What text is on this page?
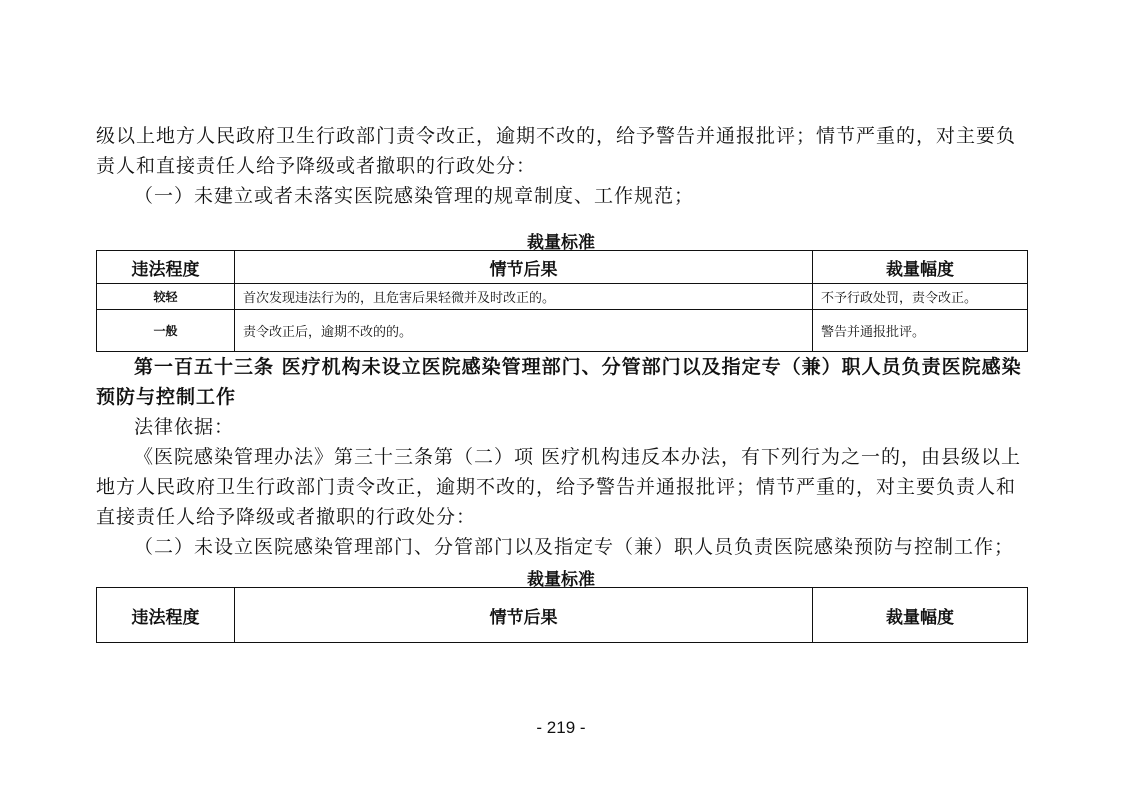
级以上地方人民政府卫生行政部门责令改正，逾期不改的，给予警告并通报批评；情节严重的，对主要负责人和直接责任人给予降级或者撤职的行政处分：

（一）未建立或者未落实医院感染管理的规章制度、工作规范；

裁量标准
违法程度	情节后果	裁量幅度
较轻	首次发现违法行为的，且危害后果轻微并及时改正的。	不予行政处罚，责令改正。
一般	责令改正后，逾期不改的的。	警告并通报批评。

第一百五十三条 医疗机构未设立医院感染管理部门、分管部门以及指定专（兼）职人员负责医院感染预防与控制工作

法律依据：

《医院感染管理办法》第三十三条第（二）项 医疗机构违反本办法，有下列行为之一的，由县级以上地方人民政府卫生行政部门责令改正，逾期不改的，给予警告并通报批评；情节严重的，对主要负责人和直接责任人给予降级或者撤职的行政处分：

（二）未设立医院感染管理部门、分管部门以及指定专（兼）职人员负责医院感染预防与控制工作；

裁量标准
违法程度	情节后果	裁量幅度
- 219 -
